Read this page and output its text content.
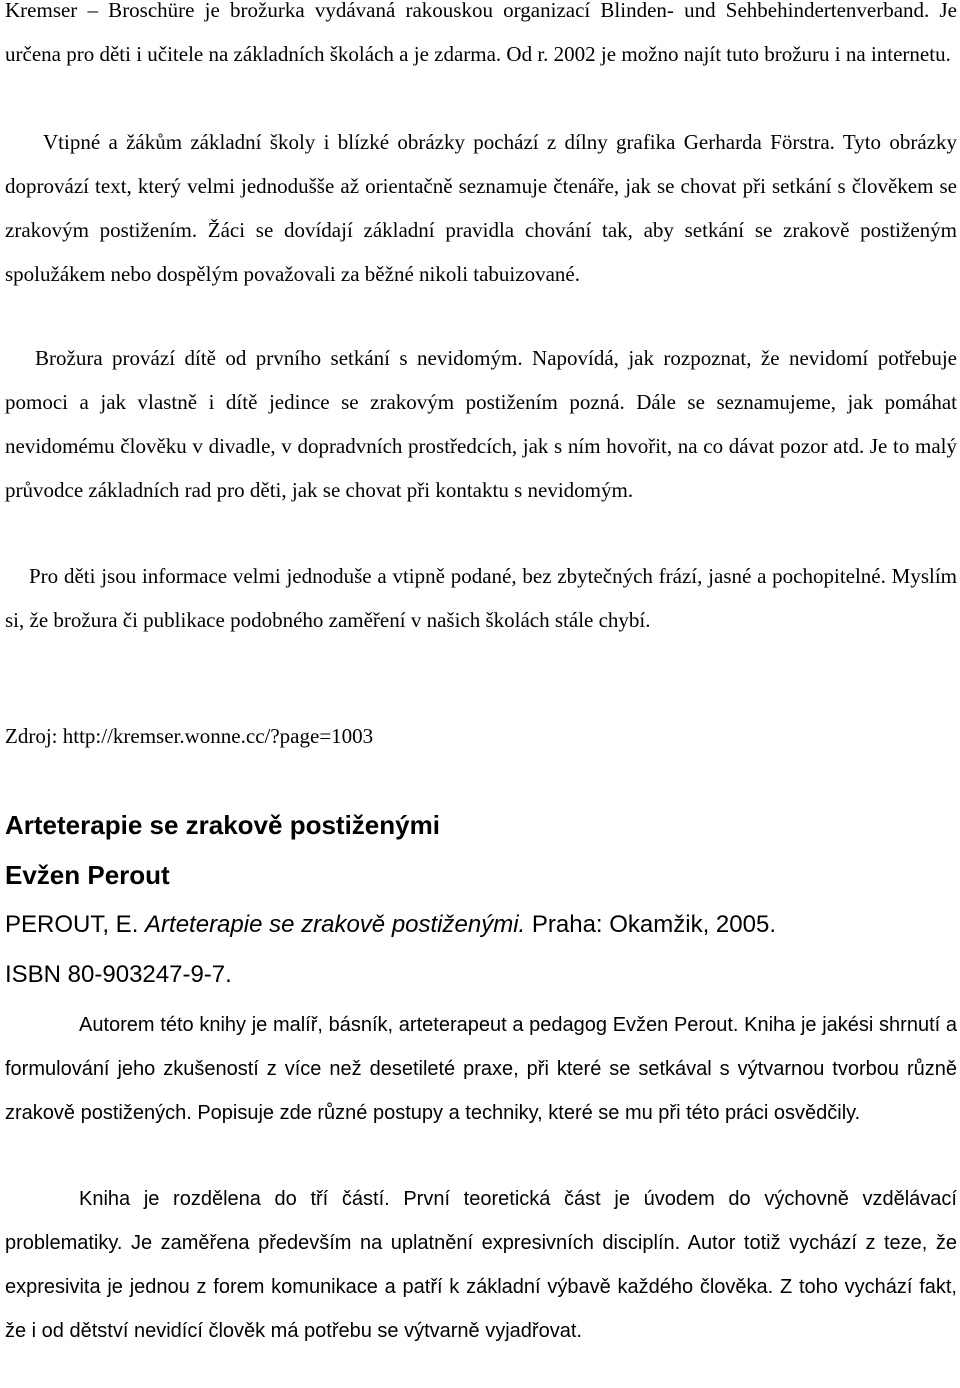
Kremser – Broschüre je brožurka vydávaná rakouskou organizací Blinden- und Sehbehindertenverband. Je určena pro děti i učitele na základních školách a je zdarma. Od r. 2002 je možno najít tuto brožuru i na internetu.

Vtipné a žákům základní školy i blízké obrázky pochází z dílny grafika Gerharda Förstra. Tyto obrázky doprovází text, který velmi jednodušše až orientačně seznamuje čtenáře, jak se chovat při setkání s člověkem se zrakovým postižením. Žáci se dovídají základní pravidla chování tak, aby setkání se zrakově postiženým spolužákem nebo dospělým považovali za běžné nikoli tabuizované.

Brožura provází dítě od prvního setkání s nevidomým. Napovídá, jak rozpoznat, že nevidomí potřebuje pomoci a jak vlastně i dítě jedince se zrakovým postižením pozná. Dále se seznamujeme, jak pomáhat nevidomému člověku v divadle, v dopradvních prostředcích, jak s ním hovořit, na co dávat pozor atd. Je to malý průvodce základních rad pro děti, jak se chovat při kontaktu s nevidomým.

Pro děti jsou informace velmi jednoduše a vtipně podané, bez zbytečných frází, jasné a pochopitelné. Myslím si, že brožura či publikace podobného zaměření v našich školách stále chybí.

Zdroj: http://kremser.wonne.cc/?page=1003

Arteterapie se zrakově postiženými

Evžen Perout

PEROUT, E. Arteterapie se zrakově postiženými. Praha: Okamžik, 2005.

ISBN 80-903247-9-7.

Autorem této knihy je malíř, básník, arteterapeut a pedagog Evžen Perout. Kniha je jakési shrnutí a formulování jeho zkušeností z více než desetileté praxe, při které se setkával s výtvarnou tvorbou různě zrakově postižených. Popisuje zde různé postupy a techniky, které se mu při této práci osvědčily.

Kniha je rozdělena do tří částí. První teoretická část je úvodem do výchovně vzdělávací problematiky. Je zaměřena především na uplatnění expresivních disciplín. Autor totiž vychází z teze, že expresivita je jednou z forem komunikace a patří k základní výbavě každého člověka. Z toho vychází fakt, že i od dětství nevidící člověk má potřebu se výtvarně vyjadřovat.
